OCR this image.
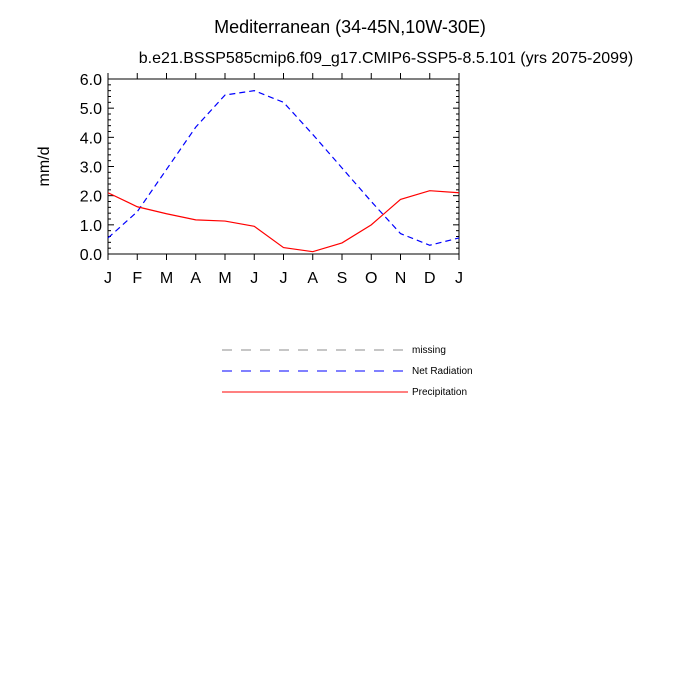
Mediterranean (34-45N,10W-30E)
b.e21.BSSP585cmip6.f09_g17.CMIP6-SSP5-8.5.101 (yrs 2075-2099)
0.0
1.0
2.0
3.0
4.0
5.0
6.0
J F M A M J J A S O N D J
mm/d
missing
Net Radiation
Precipitation
